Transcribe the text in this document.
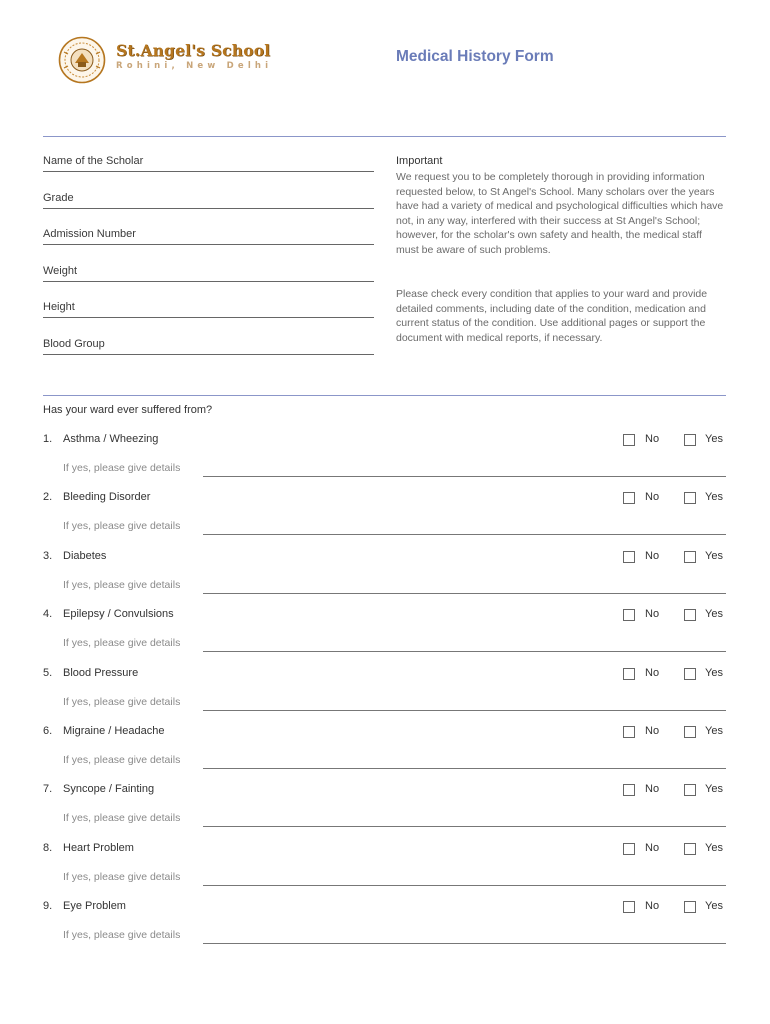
St.Angel's School
Rohini, New Delhi
Medical History Form
Name of the Scholar
Grade
Admission Number
Weight
Height
Blood Group
Important
We request you to be completely thorough in providing information requested below, to St Angel's School. Many scholars over the years have had a variety of medical and psychological difficulties which have not, in any way, interfered with their success at St Angel's School; however, for the scholar's own safety and health, the medical staff must be aware of such problems.
Please check every condition that applies to your ward and provide detailed comments, including date of the condition, medication and current status of the condition. Use additional pages or support the document with medical reports, if necessary.
Has your ward ever suffered from?
1. Asthma / Wheezing	No	Yes
If yes, please give details
2. Bleeding Disorder	No	Yes
If yes, please give details
3. Diabetes	No	Yes
If yes, please give details
4. Epilepsy / Convulsions	No	Yes
If yes, please give details
5. Blood Pressure	No	Yes
If yes, please give details
6. Migraine / Headache	No	Yes
If yes, please give details
7. Syncope / Fainting	No	Yes
If yes, please give details
8. Heart Problem	No	Yes
If yes, please give details
9. Eye Problem	No	Yes
If yes, please give details
